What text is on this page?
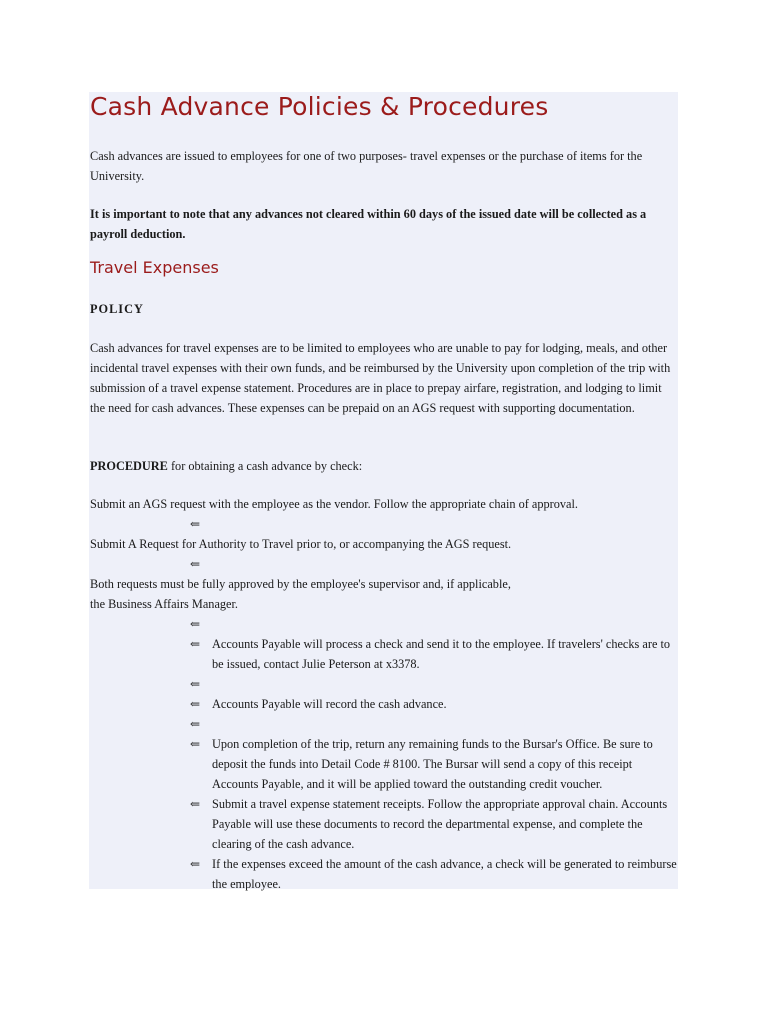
Cash Advance Policies & Procedures

Cash advances are issued to employees for one of two purposes- travel expenses or the purchase of items for the University.

It is important to note that any advances not cleared within 60 days of the issued date will be collected as a payroll deduction.

Travel Expenses

POLICY

Cash advances for travel expenses are to be limited to employees who are unable to pay for lodging, meals, and other incidental travel expenses with their own funds, and be reimbursed by the University upon completion of the trip with submission of a travel expense statement. Procedures are in place to prepay airfare, registration, and lodging to limit the need for cash advances. These expenses can be prepaid on an AGS request with supporting documentation.

PROCEDURE for obtaining a cash advance by check:

Submit an AGS request with the employee as the vendor. Follow the appropriate chain of approval.

⇐

Submit A Request for Authority to Travel prior to, or accompanying the AGS request.

⇐

Both requests must be fully approved by the employee's supervisor and, if applicable,

the Business Affairs Manager.

⇐
⇐ Accounts Payable will process a check and send it to the employee. If travelers' checks are to be issued, contact Julie Peterson at x3378.
⇐
⇐ Accounts Payable will record the cash advance.
⇐
⇐ Upon completion of the trip, return any remaining funds to the Bursar's Office. Be sure to deposit the funds into Detail Code # 8100. The Bursar will send a copy of this receipt Accounts Payable, and it will be applied toward the outstanding credit voucher.
⇐ Submit a travel expense statement receipts. Follow the appropriate approval chain. Accounts Payable will use these documents to record the departmental expense, and complete the clearing of the cash advance.
⇐ If the expenses exceed the amount of the cash advance, a check will be generated to reimburse the employee.
